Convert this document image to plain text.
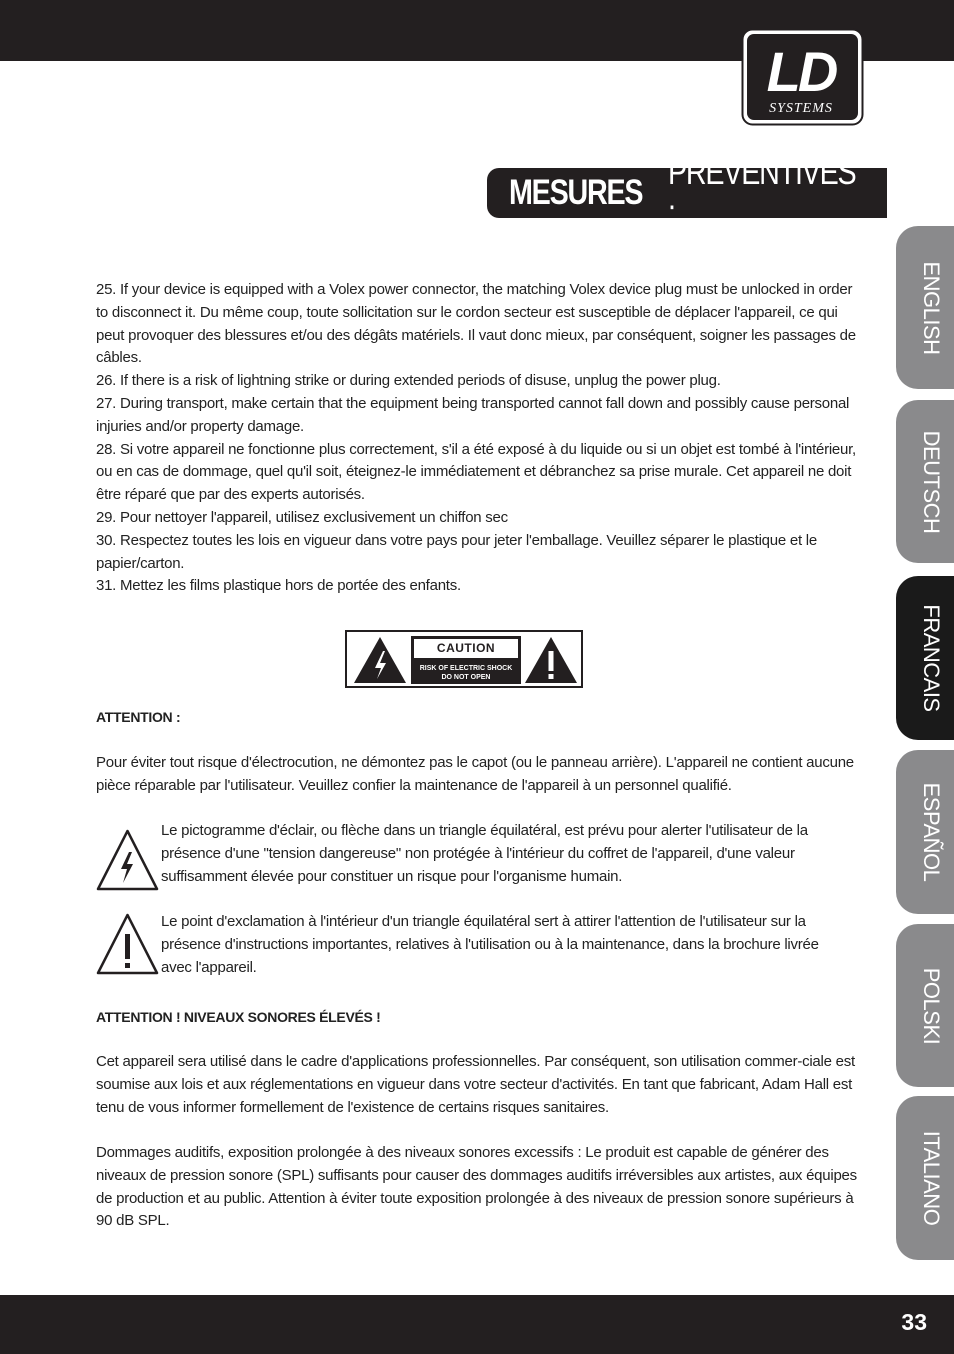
LD
SYSTEMS
MESURES
PRÉVENTIVES :
ENGLISH
DEUTSCH
FRANCAIS
ESPAÑOL
POLSKI
ITALIANO

25. If your device is equipped with a Volex power connector, the matching Volex device plug must be unlocked in order to disconnect it. Du même coup, toute sollicitation sur le cordon secteur est susceptible de déplacer l'appareil, ce qui peut provoquer des blessures et/ou des dégâts matériels. Il vaut donc mieux, par conséquent, soigner les passages de câbles.

26. If there is a risk of lightning strike or during extended periods of disuse, unplug the power plug.

27. During transport, make certain that the equipment being transported cannot fall down and possibly cause personal injuries and/or property damage.

28. Si votre appareil ne fonctionne plus correctement, s'il a été exposé à du liquide ou si un objet est tombé à l'intérieur, ou en cas de dommage, quel qu'il soit, éteignez-le immédiatement et débranchez sa prise murale. Cet appareil ne doit être réparé que par des experts autorisés.

29. Pour nettoyer l'appareil, utilisez exclusivement un chiffon sec

30. Respectez toutes les lois en vigueur dans votre pays pour jeter l'emballage. Veuillez séparer le plastique et le papier/carton.

31. Mettez les films plastique hors de portée des enfants.

CAUTION
RISK OF ELECTRIC SHOCK
DO NOT OPEN
ATTENTION :
Pour éviter tout risque d'électrocution, ne démontez pas le capot (ou le panneau arrière). L'appareil ne contient aucune pièce réparable par l'utilisateur. Veuillez confier la maintenance de l'appareil à un personnel qualifié.
Le pictogramme d'éclair, ou flèche dans un triangle équilatéral, est prévu pour alerter l'utilisateur de la présence d'une "tension dangereuse" non protégée à l'intérieur du coffret de l'appareil, d'une valeur suffisamment élevée pour constituer un risque pour l'organisme humain.
Le point d'exclamation à l'intérieur d'un triangle équilatéral sert à attirer l'attention de l'utilisateur sur la présence d'instructions importantes, relatives à l'utilisation ou à la maintenance, dans la brochure livrée avec l'appareil.
ATTENTION ! NIVEAUX SONORES ÉLEVÉS !
Cet appareil sera utilisé dans le cadre d'applications professionnelles. Par conséquent, son utilisation commer-ciale est soumise aux lois et aux réglementations en vigueur dans votre secteur d'activités. En tant que fabricant, Adam Hall est tenu de vous informer formellement de l'existence de certains risques sanitaires.
Dommages auditifs, exposition prolongée à des niveaux sonores excessifs : Le produit est capable de générer des niveaux de pression sonore (SPL) suffisants pour causer des dommages auditifs irréversibles aux artistes, aux équipes de production et au public. Attention à éviter toute exposition prolongée à des niveaux de pression sonore supérieurs à 90 dB SPL.
33
